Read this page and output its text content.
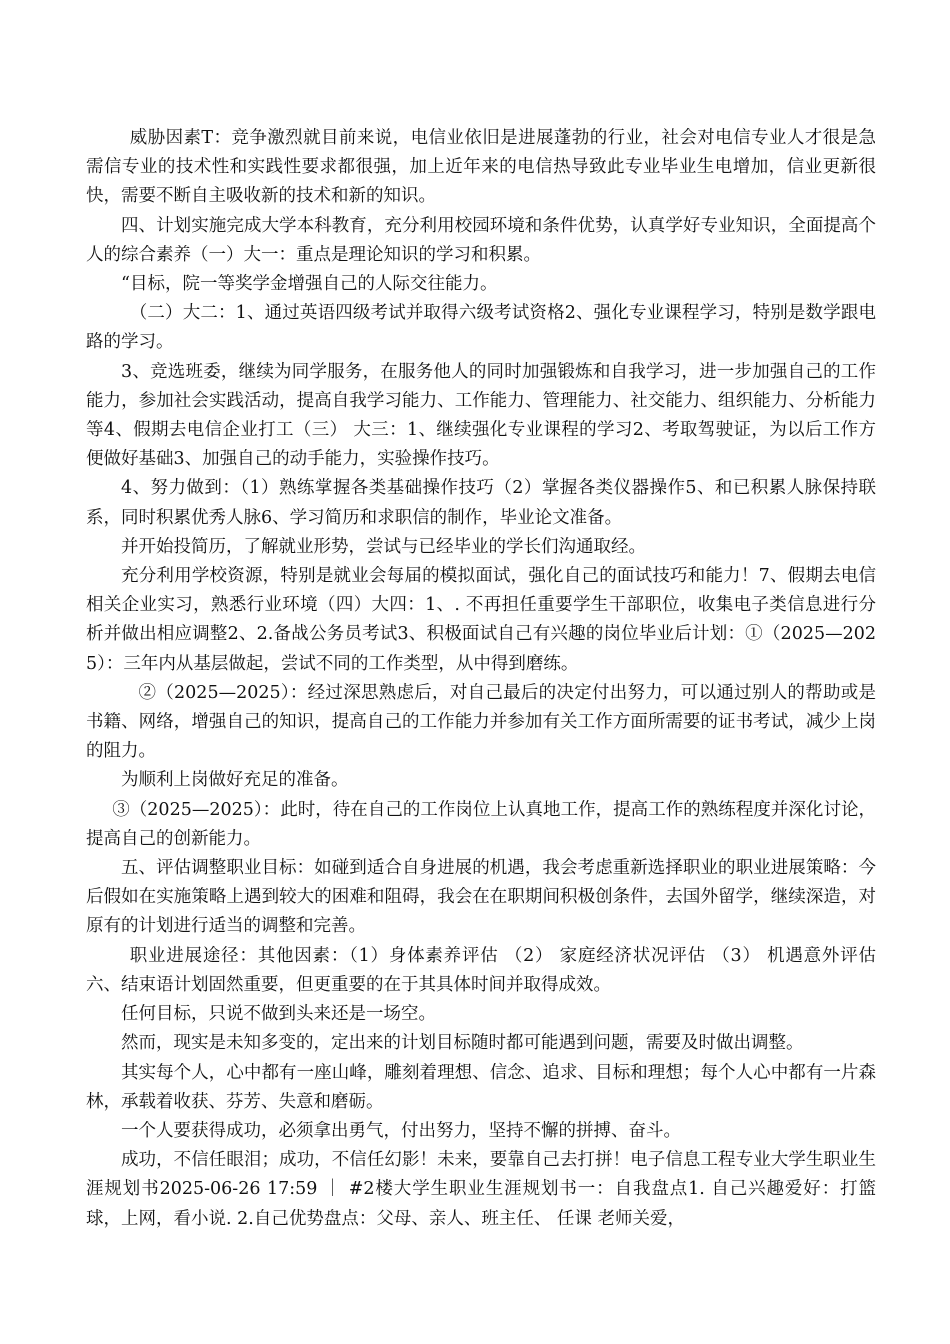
威胁因素T：竞争激烈就目前来说，电信业依旧是进展蓬勃的行业，社会对电信专业人才很是急需信专业的技术性和实践性要求都很强，加上近年来的电信热导致此专业毕业生电增加，信业更新很快，需要不断自主吸收新的技术和新的知识。

四、计划实施完成大学本科教育，充分利用校园环境和条件优势，认真学好专业知识，全面提高个人的综合素养（一）大一：重点是理论知识的学习和积累。

“目标，院一等奖学金增强自己的人际交往能力。

（二）大二：1、通过英语四级考试并取得六级考试资格2、强化专业课程学习，特别是数学跟电路的学习。

3、竞选班委，继续为同学服务，在服务他人的同时加强锻炼和自我学习，进一步加强自己的工作能力，参加社会实践活动，提高自我学习能力、工作能力、管理能力、社交能力、组织能力、分析能力等4、假期去电信企业打工（三） 大三：1、继续强化专业课程的学习2、考取驾驶证，为以后工作方便做好基础3、加强自己的动手能力，实验操作技巧。

4、努力做到：（1）熟练掌握各类基础操作技巧（2）掌握各类仪器操作5、和已积累人脉保持联系，同时积累优秀人脉6、学习简历和求职信的制作，毕业论文准备。

并开始投简历，了解就业形势，尝试与已经毕业的学长们沟通取经。

充分利用学校资源，特别是就业会每届的模拟面试，强化自己的面试技巧和能力！7、假期去电信相关企业实习，熟悉行业环境（四）大四：1、. 不再担任重要学生干部职位，收集电子类信息进行分析并做出相应调整2、2.备战公务员考试3、积极面试自己有兴趣的岗位毕业后计划：①（2025—2025）：三年内从基层做起，尝试不同的工作类型，从中得到磨练。

②（2025—2025）：经过深思熟虑后，对自己最后的决定付出努力，可以通过别人的帮助或是书籍、网络，增强自己的知识，提高自己的工作能力并参加有关工作方面所需要的证书考试，减少上岗的阻力。

为顺利上岗做好充足的准备。

③（2025—2025）：此时，待在自己的工作岗位上认真地工作，提高工作的熟练程度并深化讨论，提高自己的创新能力。

五、评估调整职业目标：如碰到适合自身进展的机遇，我会考虑重新选择职业的职业进展策略：今后假如在实施策略上遇到较大的困难和阻碍，我会在在职期间积极创条件，去国外留学，继续深造，对原有的计划进行适当的调整和完善。

职业进展途径：其他因素：（1）身体素养评估 （2） 家庭经济状况评估 （3） 机遇意外评估六、结束语计划固然重要，但更重要的在于其具体时间并取得成效。

任何目标，只说不做到头来还是一场空。

然而，现实是未知多变的，定出来的计划目标随时都可能遇到问题，需要及时做出调整。

其实每个人，心中都有一座山峰，雕刻着理想、信念、追求、目标和理想；每个人心中都有一片森林，承载着收获、芬芳、失意和磨砺。

一个人要获得成功，必须拿出勇气，付出努力，坚持不懈的拼搏、奋斗。

成功，不信任眼泪；成功，不信任幻影！未来，要靠自己去打拼！电子信息工程专业大学生职业生涯规划书2025-06-26 17:59 ｜ #2楼大学生职业生涯规划书一：自我盘点1. 自己兴趣爱好：打篮球，上网，看小说. 2.自己优势盘点：父母、亲人、班主任、 任课 老师关爱，
